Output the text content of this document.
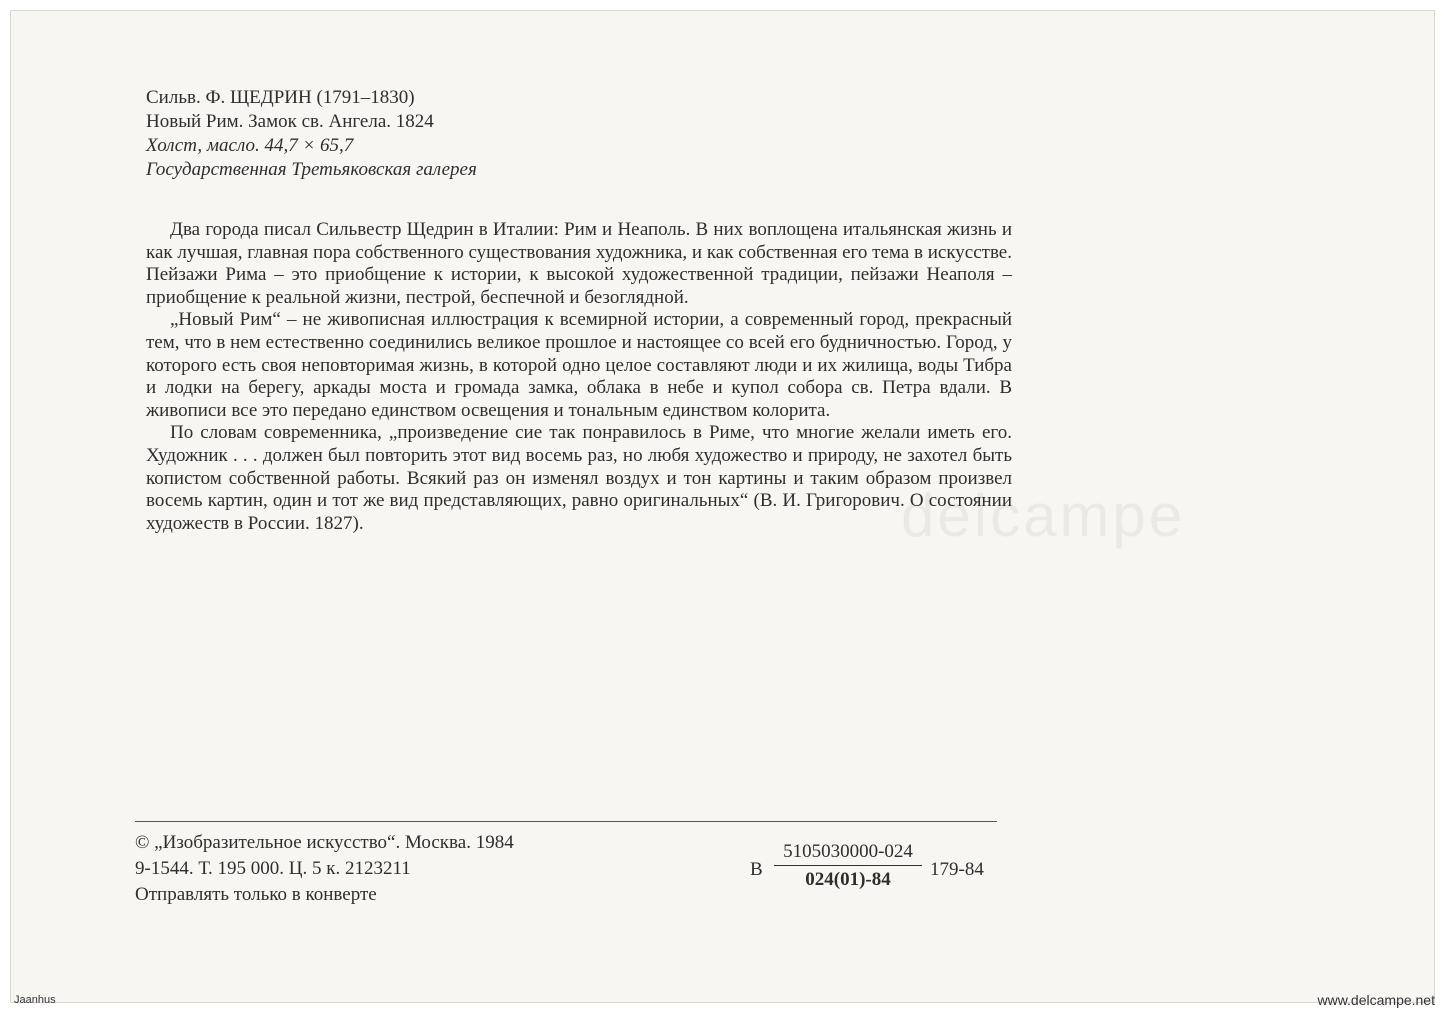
Сильв. Ф. ЩЕДРИН (1791–1830)
Новый Рим. Замок св. Ангела. 1824
Холст, масло. 44,7 × 65,7
Государственная Третьяковская галерея

Два города писал Сильвестр Щедрин в Италии: Рим и Неаполь. В них воплощена итальянская жизнь и как лучшая, главная пора собственного существования художника, и как собственная его тема в искусстве. Пейзажи Рима – это приобщение к истории, к высокой художественной традиции, пейзажи Неаполя – приобщение к реальной жизни, пестрой, беспечной и безоглядной.

„Новый Рим“ – не живописная иллюстрация к всемирной истории, а современный город, прекрасный тем, что в нем естественно соединились великое прошлое и настоящее со всей его будничностью. Город, у которого есть своя неповторимая жизнь, в которой одно целое составляют люди и их жилища, воды Тибра и лодки на берегу, аркады моста и громада замка, облака в небе и купол собора св. Петра вдали. В живописи все это передано единством освещения и тональным единством колорита.

По словам современника, „произведение сие так понравилось в Риме, что многие желали иметь его. Художник . . . должен был повторить этот вид восемь раз, но любя художество и природу, не захотел быть копистом собственной работы. Всякий раз он изменял воздух и тон картины и таким образом произвел восемь картин, один и тот же вид представляющих, равно оригинальных“ (В. И. Григорович. О состоянии художеств в России. 1827).	delcampe
© „Изобразительное искусство“. Москва. 1984
9-1544. Т. 195 000. Ц. 5 к. 2123211
Отправлять только в конверте
В
5105030000-024
024(01)-84	179-84
Jaanhus	www.delcampe.net
